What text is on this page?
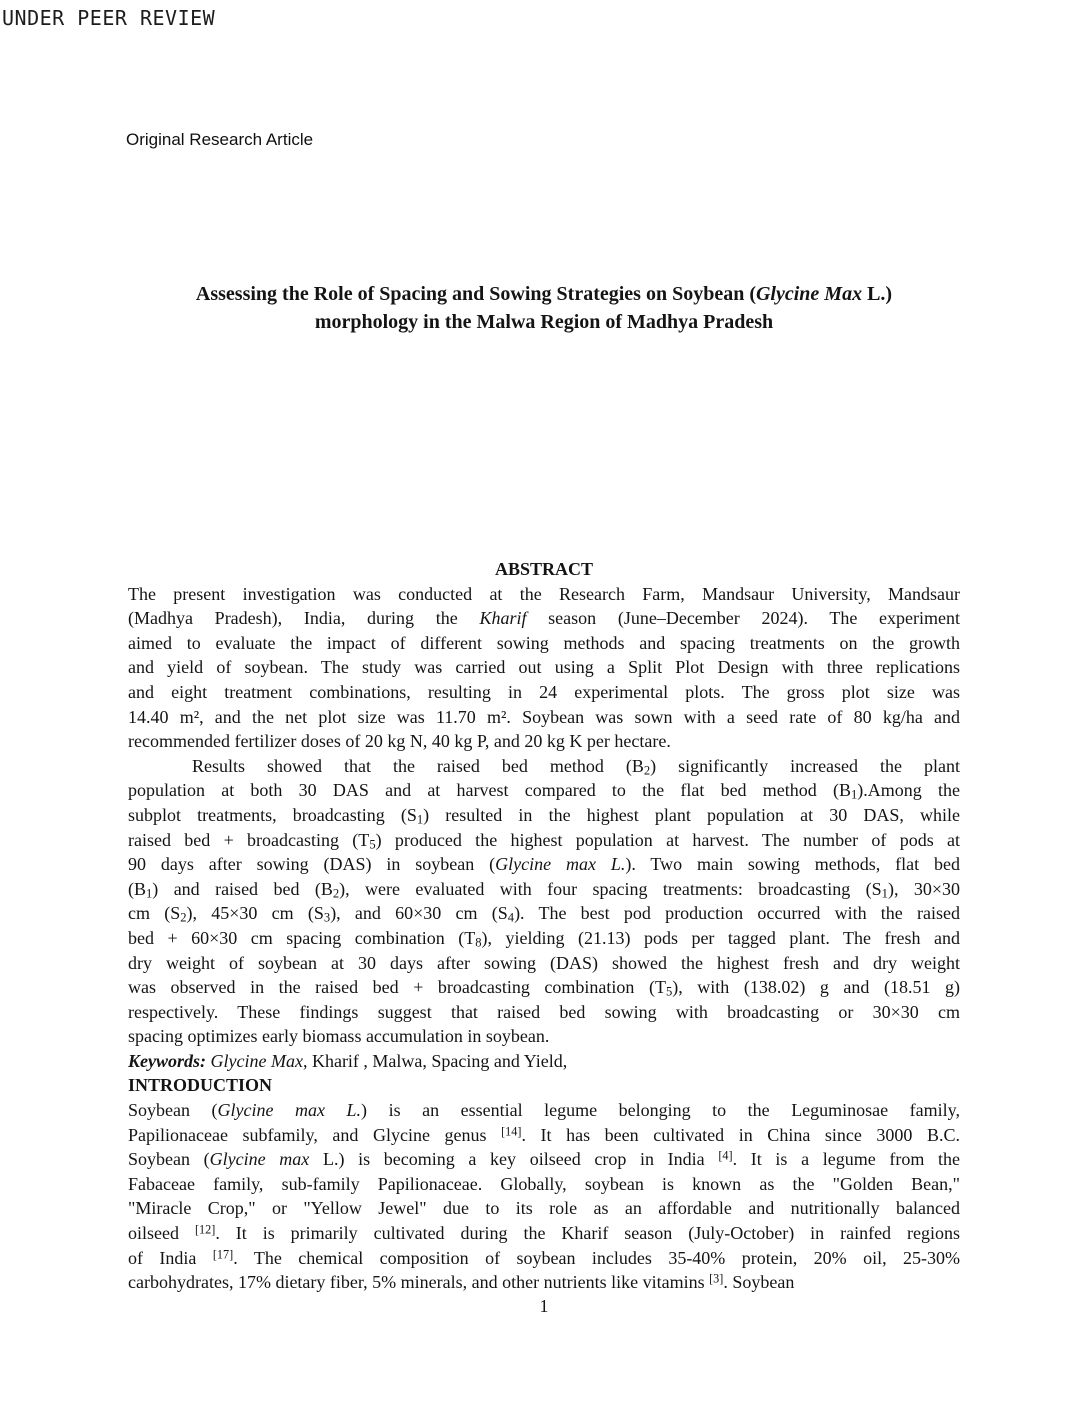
UNDER PEER REVIEW
Original Research Article
Assessing the Role of Spacing and Sowing Strategies on Soybean (Glycine Max L.)
morphology in the Malwa Region of Madhya Pradesh
ABSTRACT
The present investigation was conducted at the Research Farm, Mandsaur University, Mandsaur
(Madhya Pradesh), India, during the Kharif season (June–December 2024). The experiment
aimed to evaluate the impact of different sowing methods and spacing treatments on the growth
and yield of soybean. The study was carried out using a Split Plot Design with three replications
and eight treatment combinations, resulting in 24 experimental plots. The gross plot size was
14.40 m², and the net plot size was 11.70 m². Soybean was sown with a seed rate of 80 kg/ha and
recommended fertilizer doses of 20 kg N, 40 kg P, and 20 kg K per hectare.
Results showed that the raised bed method $(B_2)$ significantly increased the plant
population at both 30 DAS and at harvest compared to the flat bed method $(B_1).Among$ the
subplot treatments, broadcasting $(S_1)$ resulted in the highest plant population at 30 DAS, while
raised bed + broadcasting $(T_5)$ produced the highest population at harvest. The number of pods at
90 days after sowing (DAS) in soybean (Glycine max L.). Two main sowing methods, flat bed
$(B_1)$ and raised bed $(B_2)$, were evaluated with four spacing treatments: broadcasting $(S_1)$, 30×30
cm $(S_2)$, 45×30 cm $(S_3)$, and 60×30 cm $(S_4)$. The best pod production occurred with the raised
bed + 60×30 cm spacing combination $(T_8)$, yielding (21.13) pods per tagged plant. The fresh and
dry weight of soybean at 30 days after sowing (DAS) showed the highest fresh and dry weight
was observed in the raised bed + broadcasting combination $(T_5)$, with (138.02) g and (18.51 g)
respectively. These findings suggest that raised bed sowing with broadcasting or 30×30 cm
spacing optimizes early biomass accumulation in soybean.
Keywords: Glycine Max, Kharif , Malwa, Spacing and Yield,
INTRODUCTION
Soybean (Glycine max L.) is an essential legume belonging to the Leguminosae family,
Papilionaceae subfamily, and Glycine genus [14]. It has been cultivated in China since 3000 B.C.
Soybean (Glycine max L.) is becoming a key oilseed crop in India [4]. It is a legume from the
Fabaceae family, sub-family Papilionaceae. Globally, soybean is known as the "Golden Bean,"
"Miracle Crop," or "Yellow Jewel" due to its role as an affordable and nutritionally balanced
oilseed [12]. It is primarily cultivated during the Kharif season (July-October) in rainfed regions
of India [17]. The chemical composition of soybean includes 35-40% protein, 20% oil, 25-30%
carbohydrates, 17% dietary fiber, 5% minerals, and other nutrients like vitamins [3]. Soybean
1
